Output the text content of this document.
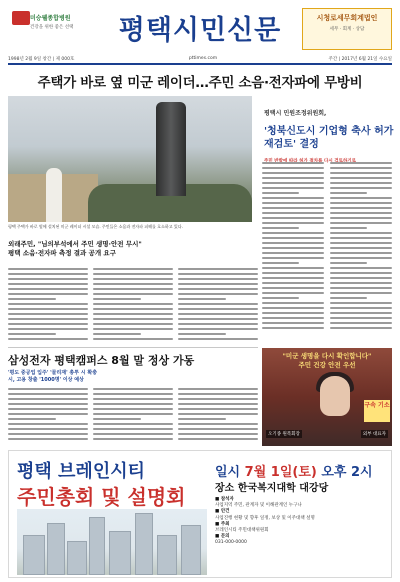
미승웰종합병원
건강을 위한 좋은 선택	평택시민신문	시청로세무회계법인
세무 · 회계 · 상담
1998년 2월 9일 창간 | 제 000호	pttimes.com	주간 | 2017년 6월 21일 수요일
주택가 바로 옆 미군 레이더…주민 소음·전자파에 무방비
평택 주택가 바로 옆에 설치된 미군 레이더 시설 모습. 주민들은 소음과 전자파 피해를 호소하고 있다.
평택시 민원조정위원회,
'청북신도시 기업형 축사 허가
재검토' 결정
다시
외래주민, "님의부석에서 주민 생명·안전 무시"
평택 소음·전자파 측정 결과 공개 요구
삼성전자 평택캠퍼스 8월 말 정상 가동
'평도 중공업 입주' '물리재' 총투 시 확충
시, 고용 창출 '1000명' 이상 예상
"미군 생명을 다시 확인합니다"
주민 건강 안전 우선
구속 기소
오기종 원폭회장	외부 대표자
평택 브레인시티
주민총회 및 설명회
일시 7월 1일(토) 오후 2시
장소 한국복지대학 대강당
■ 참석자
사업지역 주민, 관계자 및 이해관계인 누구나
■ 안건
사업진행 현황 및 향후 일정, 보상 및 이주대책 설명
■ 주최
브레인시티 주민대책위원회
■ 문의
031-000-0000
